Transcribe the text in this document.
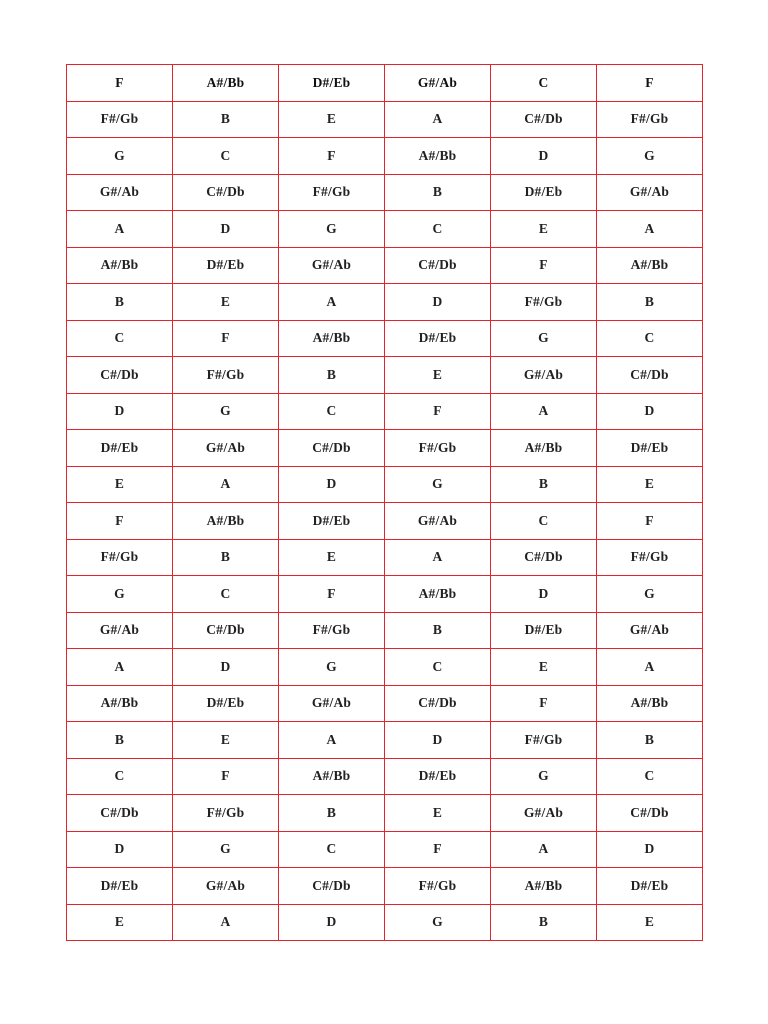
F	A#/Bb	D#/Eb	G#/Ab	C	F
F#/Gb	B	E	A	C#/Db	F#/Gb
G	C	F	A#/Bb	D	G
G#/Ab	C#/Db	F#/Gb	B	D#/Eb	G#/Ab
A	D	G	C	E	A
A#/Bb	D#/Eb	G#/Ab	C#/Db	F	A#/Bb
B	E	A	D	F#/Gb	B
C	F	A#/Bb	D#/Eb	G	C
C#/Db	F#/Gb	B	E	G#/Ab	C#/Db
D	G	C	F	A	D
D#/Eb	G#/Ab	C#/Db	F#/Gb	A#/Bb	D#/Eb
E	A	D	G	B	E
F	A#/Bb	D#/Eb	G#/Ab	C	F
F#/Gb	B	E	A	C#/Db	F#/Gb
G	C	F	A#/Bb	D	G
G#/Ab	C#/Db	F#/Gb	B	D#/Eb	G#/Ab
A	D	G	C	E	A
A#/Bb	D#/Eb	G#/Ab	C#/Db	F	A#/Bb
B	E	A	D	F#/Gb	B
C	F	A#/Bb	D#/Eb	G	C
C#/Db	F#/Gb	B	E	G#/Ab	C#/Db
D	G	C	F	A	D
D#/Eb	G#/Ab	C#/Db	F#/Gb	A#/Bb	D#/Eb
E	A	D	G	B	E
